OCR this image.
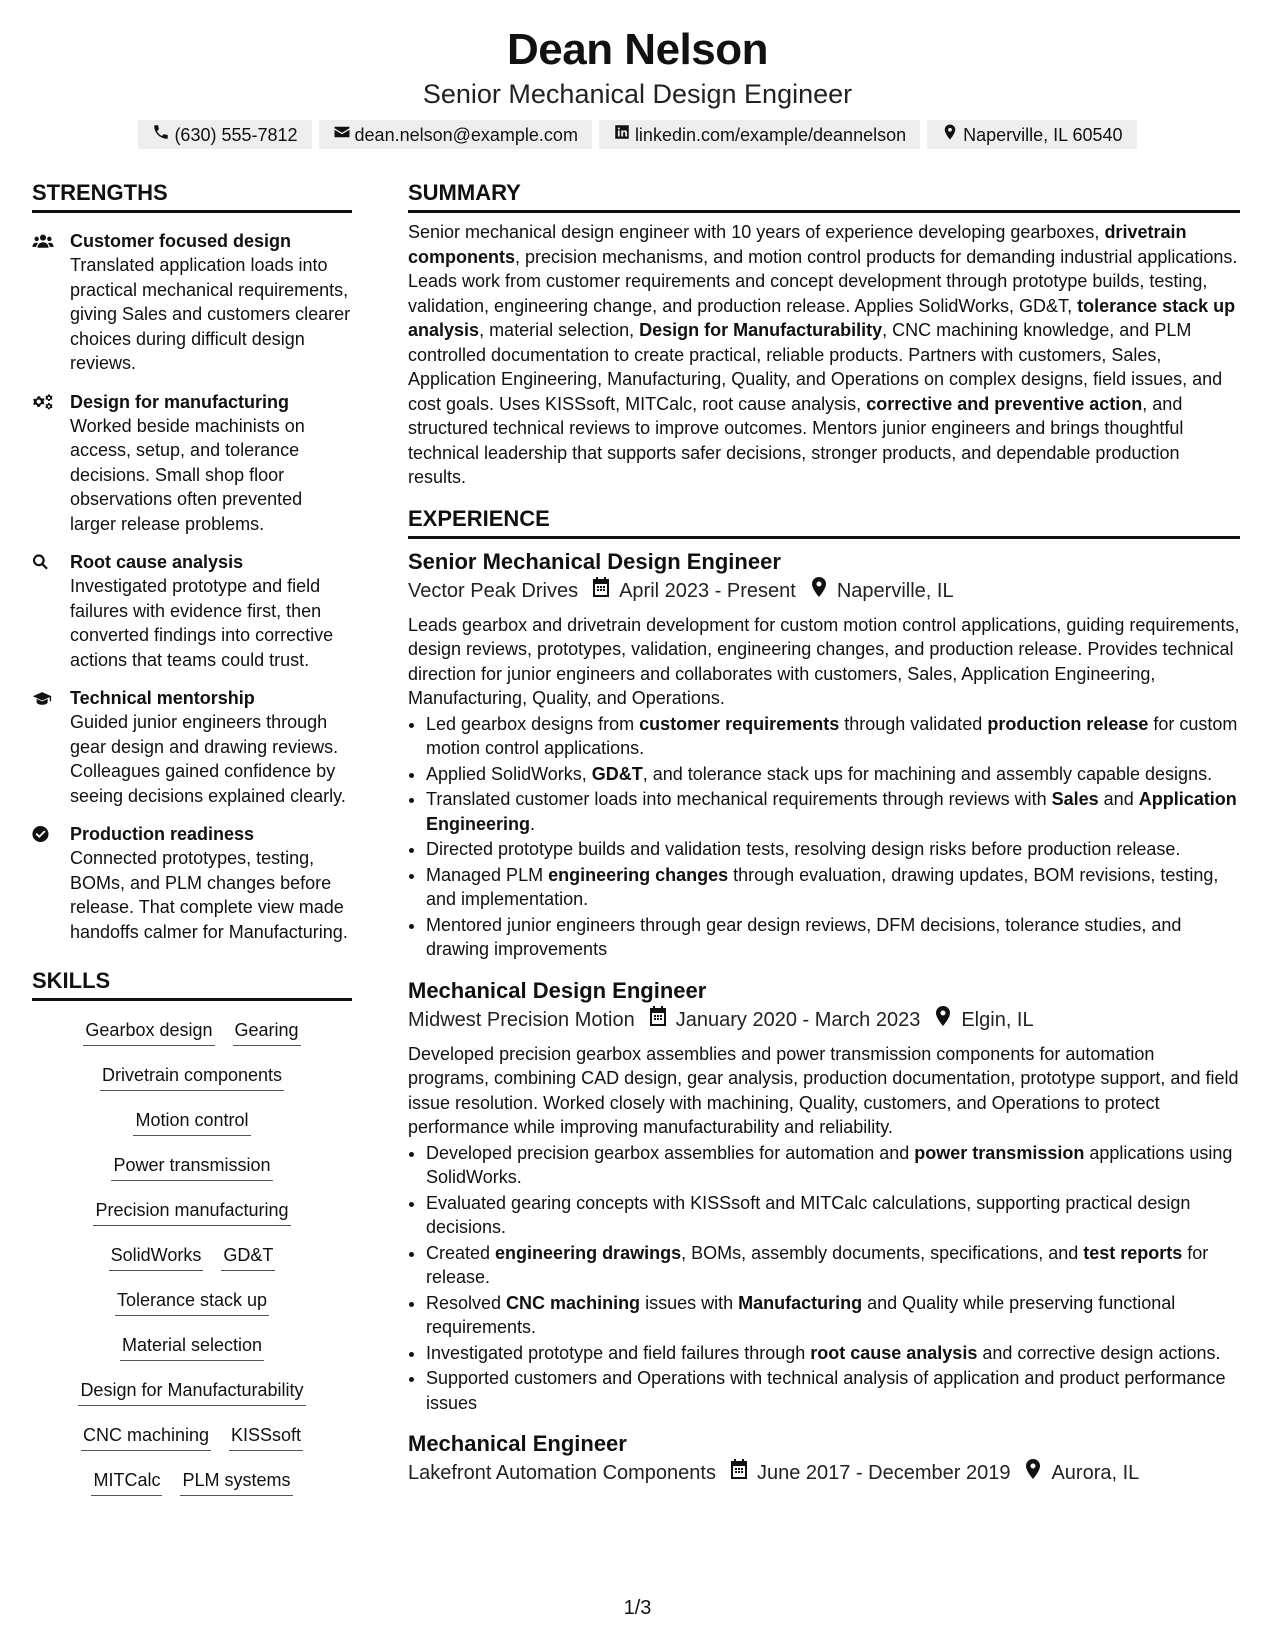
Dean Nelson
Senior Mechanical Design Engineer
(630) 555-7812	dean.nelson@example.com	linkedin.com/example/deannelson	Naperville, IL 60540
STRENGTHS
Customer focused design
Translated application loads into practical mechanical requirements, giving Sales and customers clearer choices during difficult design reviews.
Design for manufacturing
Worked beside machinists on access, setup, and tolerance decisions. Small shop floor observations often prevented larger release problems.
Root cause analysis
Investigated prototype and field failures with evidence first, then converted findings into corrective actions that teams could trust.
Technical mentorship
Guided junior engineers through gear design and drawing reviews. Colleagues gained confidence by seeing decisions explained clearly.
Production readiness
Connected prototypes, testing, BOMs, and PLM changes before release. That complete view made handoffs calmer for Manufacturing.
SKILLS
Gearbox design Gearing
Drivetrain components
Motion control
Power transmission
Precision manufacturing
SolidWorks GD&T
Tolerance stack up
Material selection
Design for Manufacturability
CNC machining KISSsoft
MITCalc PLM systems
SUMMARY
Senior mechanical design engineer with 10 years of experience developing gearboxes, drivetrain components, precision mechanisms, and motion control products for demanding industrial applications. Leads work from customer requirements and concept development through prototype builds, testing, validation, engineering change, and production release. Applies SolidWorks, GD&T, tolerance stack up analysis, material selection, Design for Manufacturability, CNC machining knowledge, and PLM controlled documentation to create practical, reliable products. Partners with customers, Sales, Application Engineering, Manufacturing, Quality, and Operations on complex designs, field issues, and cost goals. Uses KISSsoft, MITCalc, root cause analysis, corrective and preventive action, and structured technical reviews to improve outcomes. Mentors junior engineers and brings thoughtful technical leadership that supports safer decisions, stronger products, and dependable production results.
EXPERIENCE
Senior Mechanical Design Engineer
Vector Peak Drives April 2023 - Present Naperville, IL
Leads gearbox and drivetrain development for custom motion control applications, guiding requirements, design reviews, prototypes, validation, engineering changes, and production release. Provides technical direction for junior engineers and collaborates with customers, Sales, Application Engineering, Manufacturing, Quality, and Operations.
• Led gearbox designs from customer requirements through validated production release for custom motion control applications.
• Applied SolidWorks, GD&T, and tolerance stack ups for machining and assembly capable designs.
• Translated customer loads into mechanical requirements through reviews with Sales and Application Engineering.
• Directed prototype builds and validation tests, resolving design risks before production release.
• Managed PLM engineering changes through evaluation, drawing updates, BOM revisions, testing, and implementation.
• Mentored junior engineers through gear design reviews, DFM decisions, tolerance studies, and drawing improvements
Mechanical Design Engineer
Midwest Precision Motion January 2020 - March 2023 Elgin, IL
Developed precision gearbox assemblies and power transmission components for automation programs, combining CAD design, gear analysis, production documentation, prototype support, and field issue resolution. Worked closely with machining, Quality, customers, and Operations to protect performance while improving manufacturability and reliability.
• Developed precision gearbox assemblies for automation and power transmission applications using SolidWorks.
• Evaluated gearing concepts with KISSsoft and MITCalc calculations, supporting practical design decisions.
• Created engineering drawings, BOMs, assembly documents, specifications, and test reports for release.
• Resolved CNC machining issues with Manufacturing and Quality while preserving functional requirements.
• Investigated prototype and field failures through root cause analysis and corrective design actions.
• Supported customers and Operations with technical analysis of application and product performance issues
Mechanical Engineer
Lakefront Automation Components June 2017 - December 2019 Aurora, IL
1/3
